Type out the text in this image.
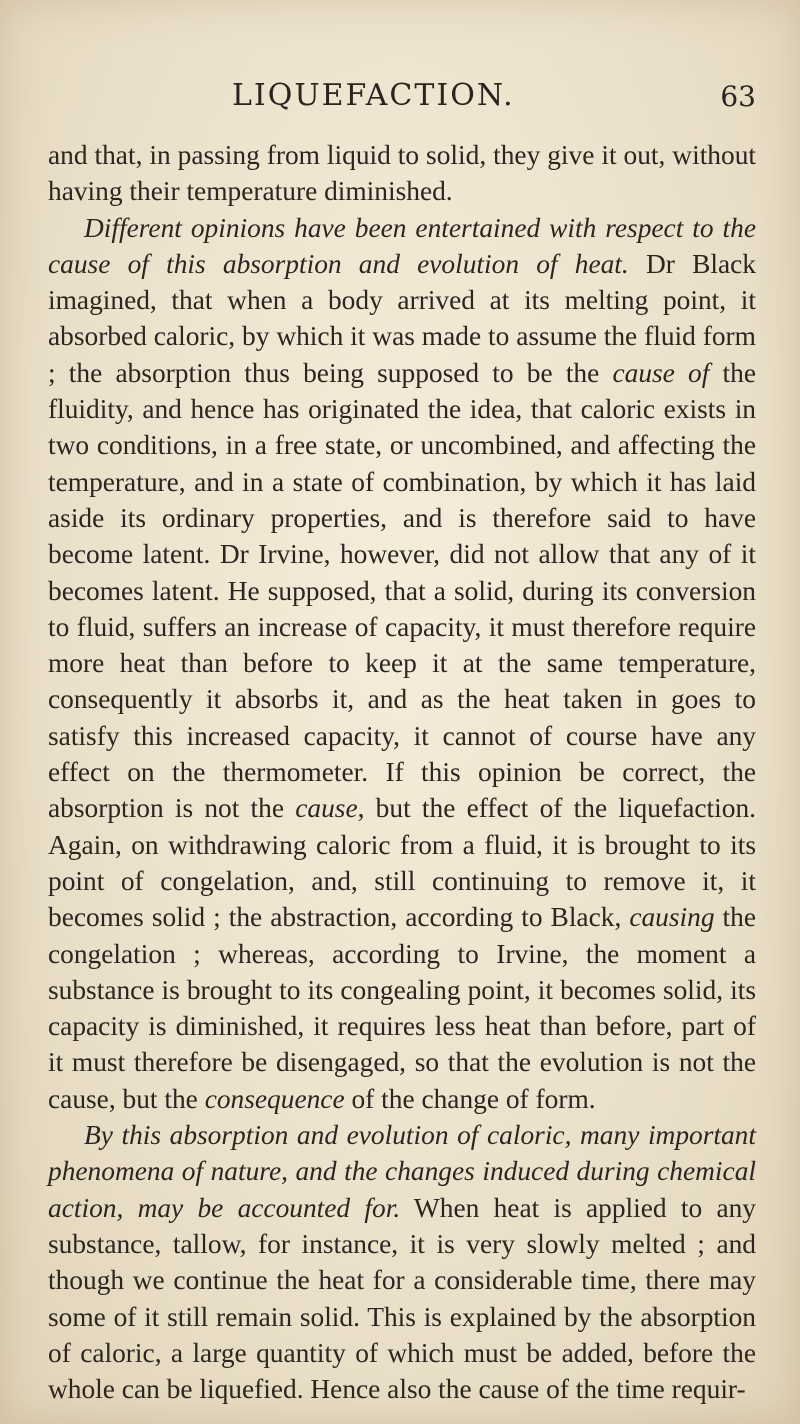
LIQUEFACTION.	63

and that, in passing from liquid to solid, they give it out, without having their temperature diminished.

Different opinions have been entertained with respect to the cause of this absorption and evolution of heat. Dr Black imagined, that when a body arrived at its melting point, it absorbed caloric, by which it was made to assume the fluid form ; the absorption thus being supposed to be the cause of the fluidity, and hence has originated the idea, that caloric exists in two conditions, in a free state, or uncombined, and affecting the temperature, and in a state of combination, by which it has laid aside its ordinary properties, and is therefore said to have become latent. Dr Irvine, however, did not allow that any of it becomes latent. He supposed, that a solid, during its conversion to fluid, suffers an increase of capacity, it must therefore require more heat than before to keep it at the same temperature, consequently it absorbs it, and as the heat taken in goes to satisfy this increased capacity, it cannot of course have any effect on the thermometer. If this opinion be correct, the absorption is not the cause, but the effect of the liquefaction. Again, on withdrawing caloric from a fluid, it is brought to its point of congelation, and, still continuing to remove it, it becomes solid ; the abstraction, according to Black, causing the congelation ; whereas, according to Irvine, the moment a substance is brought to its congealing point, it becomes solid, its capacity is diminished, it requires less heat than before, part of it must therefore be disengaged, so that the evolution is not the cause, but the consequence of the change of form.

By this absorption and evolution of caloric, many important phenomena of nature, and the changes induced during chemical action, may be accounted for. When heat is applied to any substance, tallow, for instance, it is very slowly melted ; and though we continue the heat for a considerable time, there may some of it still remain solid. This is explained by the absorption of caloric, a large quantity of which must be added, before the whole can be liquefied. Hence also the cause of the time requir-
